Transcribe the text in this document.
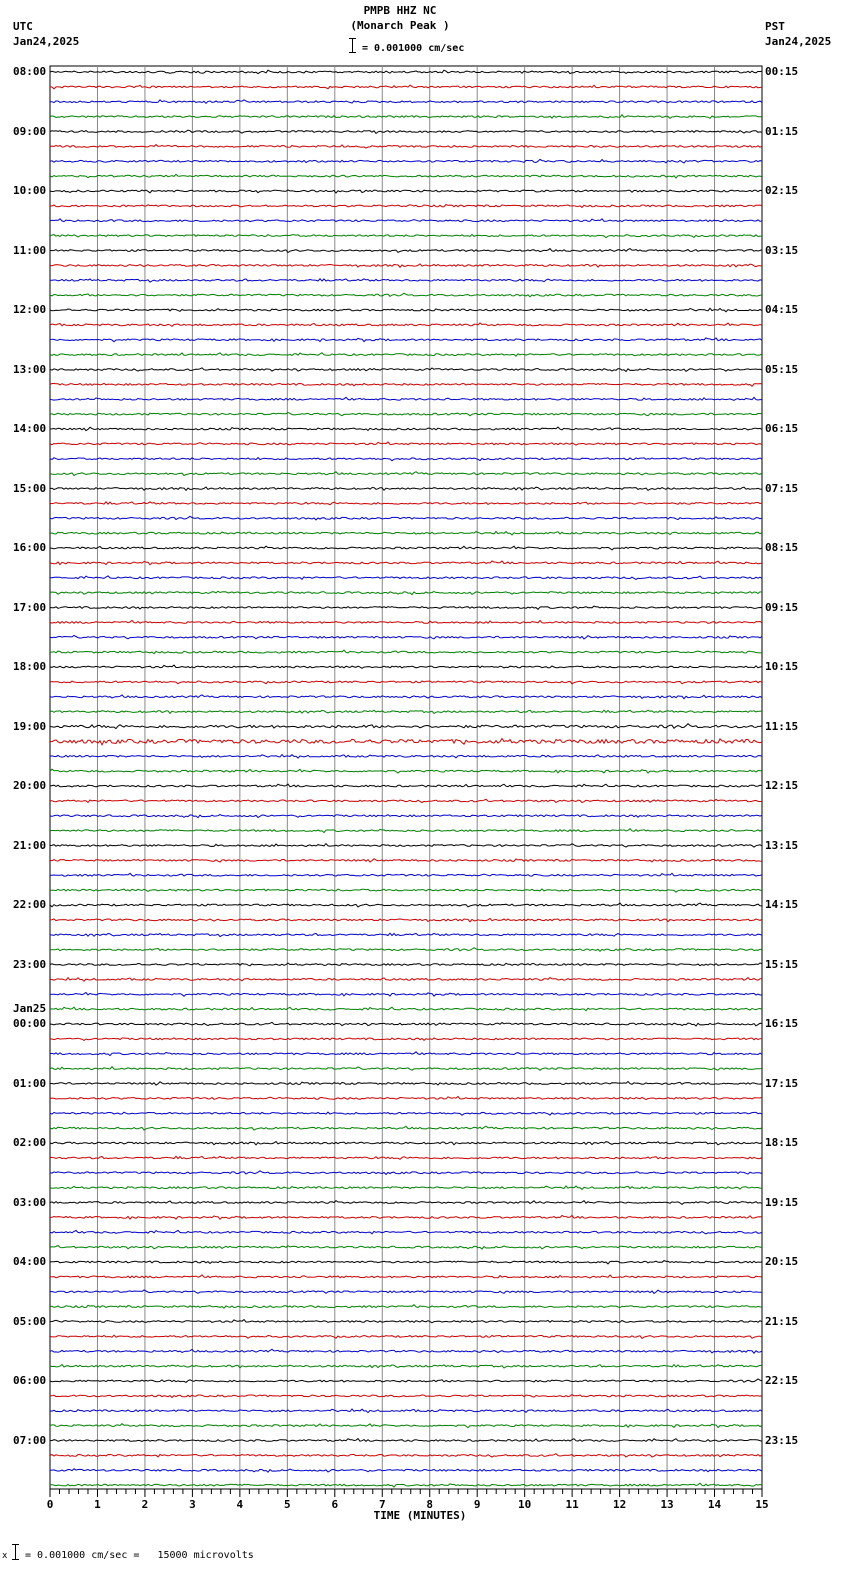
PMPB HHZ NC
(Monarch Peak )
= 0.001000 cm/sec
UTC
Jan24,2025
PST
Jan24,2025
0	1	2	3	4	5	6	7	8	9	10	11	12	13	14	15
08:00
09:00
10:00
11:00
12:00
13:00
14:00
15:00
16:00
17:00
18:00
19:00
20:00
21:00
22:00
23:00
00:00
Jan25
01:00
02:00
03:00
04:00
05:00
06:00
07:00
00:15
01:15
02:15
03:15
04:15
05:15
06:15
07:15
08:15
09:15
10:15
11:15
12:15
13:15
14:15
15:15
16:15
17:15
18:15
19:15
20:15
21:15
22:15
23:15
TIME (MINUTES)
x = 0.001000 cm/sec =   15000 microvolts
